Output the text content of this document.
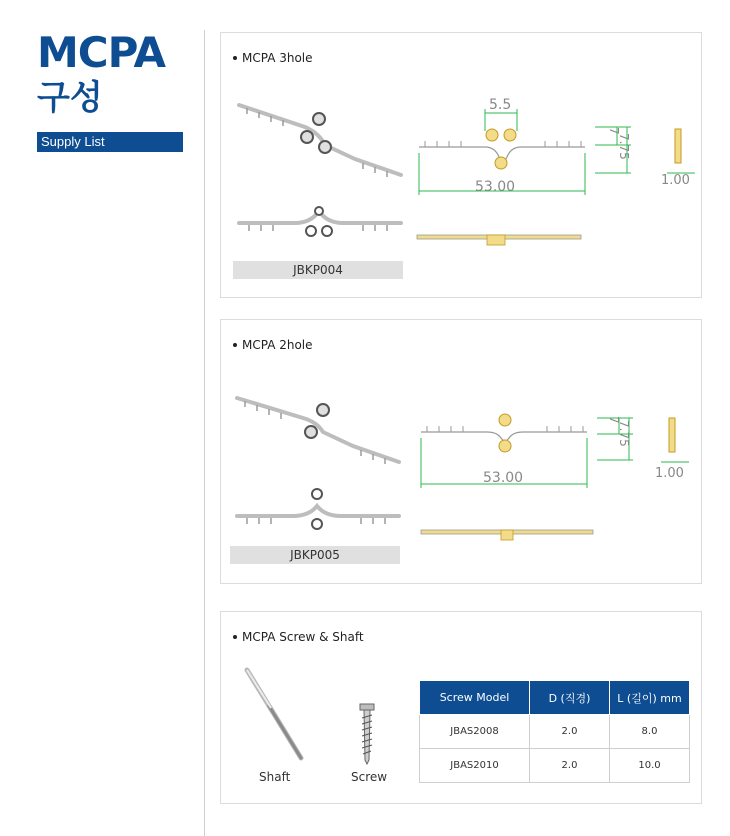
MCPA
구성
Supply List
MCPA 3hole
JBKP004
5.5
53.00
7
7.75
1.00
MCPA 2hole
JBKP005
53.00
7
7.75
1.00
MCPA Screw & Shaft
Shaft	Screw
Screw Model	D (직경)	L (길이) mm
JBAS2008	2.0	8.0
JBAS2010	2.0	10.0
